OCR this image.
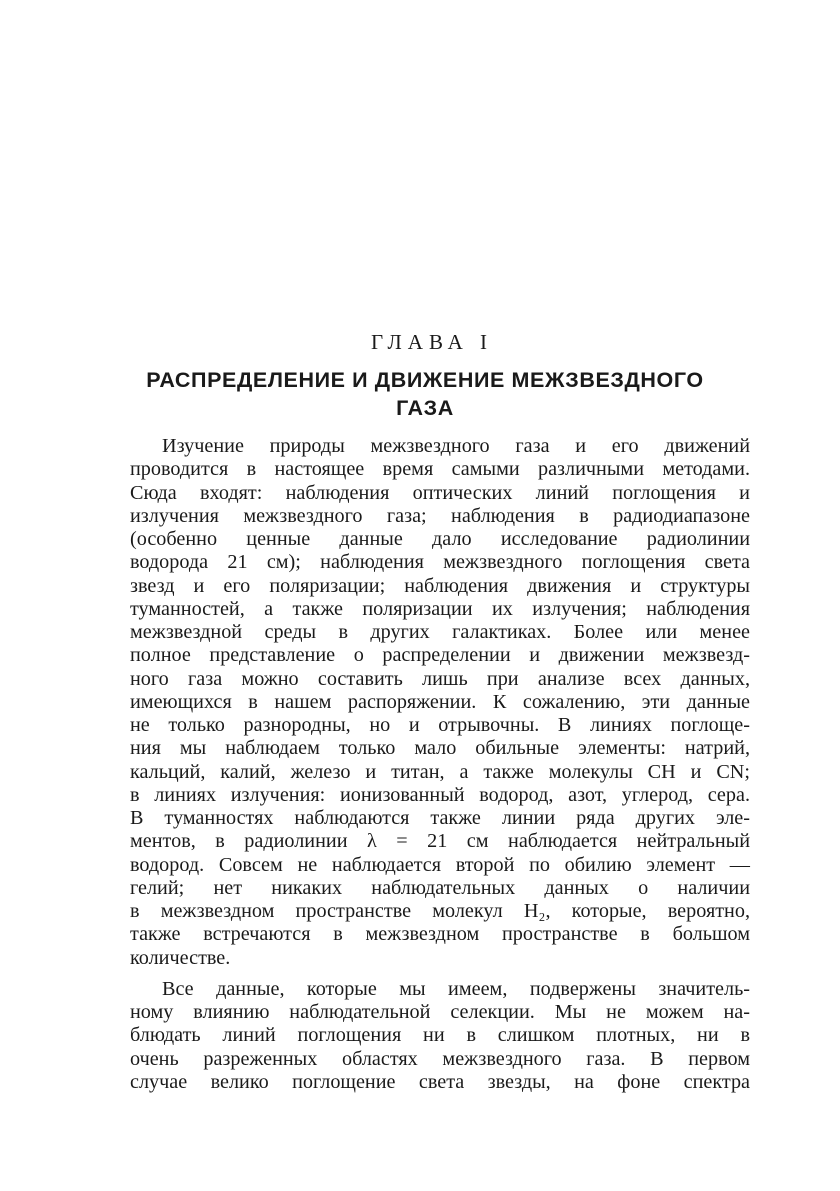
ГЛАВА I
РАСПРЕДЕЛЕНИЕ И ДВИЖЕНИЕ МЕЖЗВЕЗДНОГО
ГАЗА

Изучение природы межзвездного газа и его движений
проводится в настоящее время самыми различными методами.
Сюда входят: наблюдения оптических линий поглощения и
излучения межзвездного газа; наблюдения в радиодиапазоне
(особенно ценные данные дало исследование радиолинии
водорода 21 см); наблюдения межзвездного поглощения света
звезд и его поляризации; наблюдения движения и структуры
туманностей, а также поляризации их излучения; наблюдения
межзвездной среды в других галактиках. Более или менее
полное представление о распределении и движении межзвезд-
ного газа можно составить лишь при анализе всех данных,
имеющихся в нашем распоряжении. К сожалению, эти данные
не только разнородны, но и отрывочны. В линиях поглоще-
ния мы наблюдаем только мало обильные элементы: натрий,
кальций, калий, железо и титан, а также молекулы CH и CN;
в линиях излучения: ионизованный водород, азот, углерод, сера.
В туманностях наблюдаются также линии ряда других эле-
ментов, в радиолинии λ = 21 см наблюдается нейтральный
водород. Совсем не наблюдается второй по обилию элемент —
гелий; нет никаких наблюдательных данных о наличии
в межзвездном пространстве молекул H₂, которые, вероятно,
также встречаются в межзвездном пространстве в большом
количестве.

Все данные, которые мы имеем, подвержены значитель-
ному влиянию наблюдательной селекции. Мы не можем на-
блюдать линий поглощения ни в слишком плотных, ни в
очень разреженных областях межзвездного газа. В первом
случае велико поглощение света звезды, на фоне спектра
